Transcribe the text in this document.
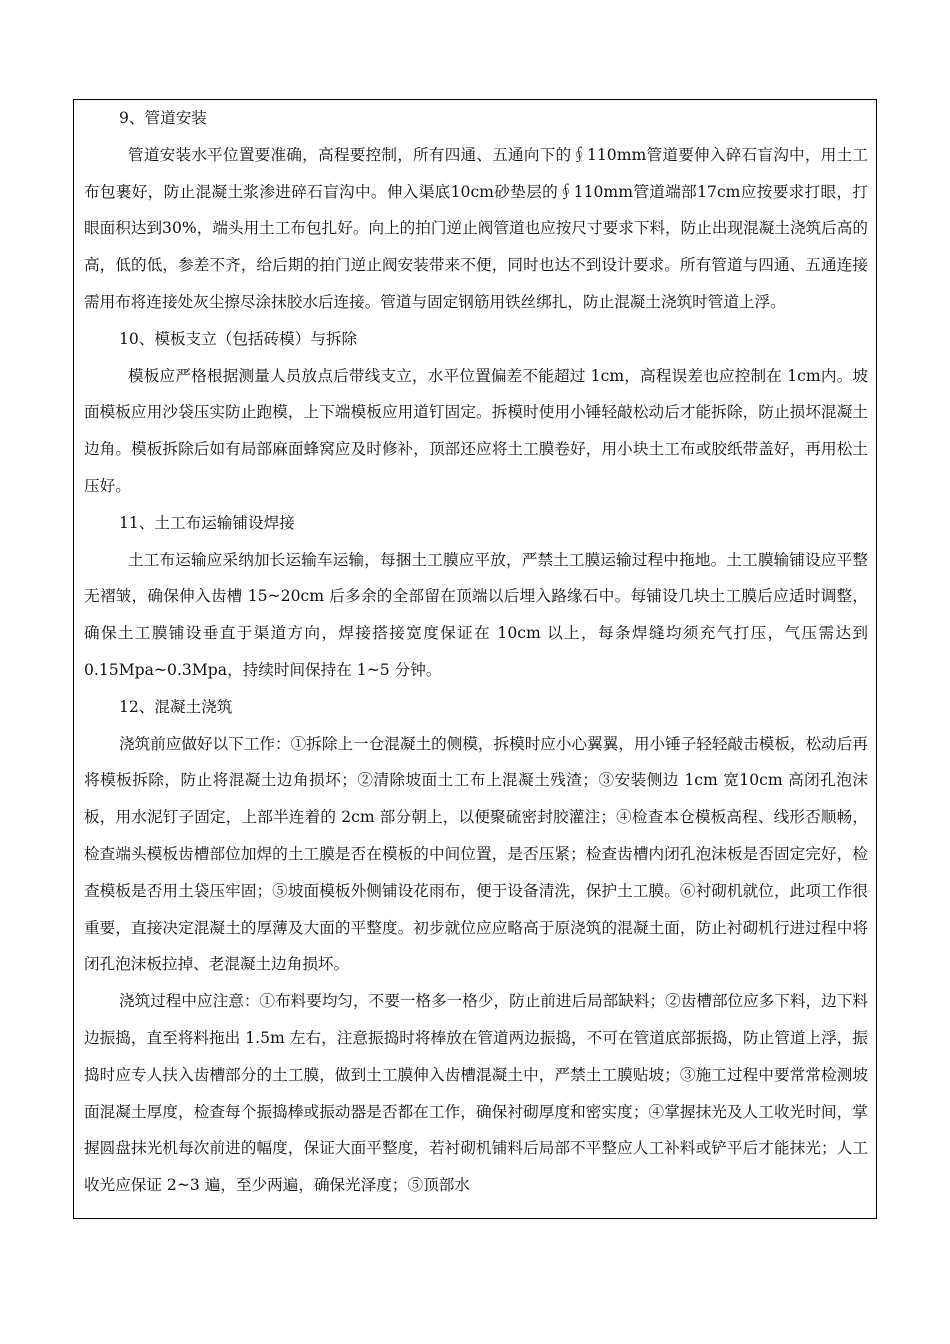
9、管道安装

管道安装水平位置要准确，高程要控制，所有四通、五通向下的∮110mm管道要伸入碎石盲沟中，用土工布包裹好，防止混凝土浆渗进碎石盲沟中。伸入渠底10cm砂垫层的∮110mm管道端部17cm应按要求打眼，打眼面积达到30%，端头用土工布包扎好。向上的拍门逆止阀管道也应按尺寸要求下料，防止出现混凝土浇筑后高的高，低的低，参差不齐，给后期的拍门逆止阀安装带来不便，同时也达不到设计要求。所有管道与四通、五通连接需用布将连接处灰尘擦尽涂抹胶水后连接。管道与固定钢筋用铁丝绑扎，防止混凝土浇筑时管道上浮。

10、模板支立（包括砖模）与拆除

模板应严格根据测量人员放点后带线支立，水平位置偏差不能超过 1cm，高程误差也应控制在 1cm内。坡面模板应用沙袋压实防止跑模，上下端模板应用道钉固定。拆模时使用小锤轻敲松动后才能拆除，防止损坏混凝土边角。模板拆除后如有局部麻面蜂窝应及时修补，顶部还应将土工膜卷好，用小块土工布或胶纸带盖好，再用松土压好。

11、土工布运输铺设焊接

土工布运输应采纳加长运输车运输，每捆土工膜应平放，严禁土工膜运输过程中拖地。土工膜输铺设应平整无褶皱，确保伸入齿槽 15~20cm 后多余的全部留在顶端以后埋入路缘石中。每铺设几块土工膜后应适时调整，确保土工膜铺设垂直于渠道方向，焊接搭接宽度保证在 10cm 以上，每条焊缝均须充气打压，气压需达到 0.15Mpa~0.3Mpa，持续时间保持在 1~5 分钟。

12、混凝土浇筑

浇筑前应做好以下工作：①拆除上一仓混凝土的侧模，拆模时应小心翼翼，用小锤子轻轻敲击模板，松动后再将模板拆除，防止将混凝土边角损坏；②清除坡面土工布上混凝土残渣；③安装侧边 1cm 宽10cm 高闭孔泡沫板，用水泥钉子固定，上部半连着的 2cm 部分朝上，以便聚硫密封胶灌注；④检查本仓模板高程、线形否顺畅，检查端头模板齿槽部位加焊的土工膜是否在模板的中间位置，是否压紧；检查齿槽内闭孔泡沫板是否固定完好，检查模板是否用土袋压牢固；⑤坡面模板外侧铺设花雨布，便于设备清洗，保护土工膜。⑥衬砌机就位，此项工作很重要，直接决定混凝土的厚薄及大面的平整度。初步就位应应略高于原浇筑的混凝土面，防止衬砌机行进过程中将闭孔泡沫板拉掉、老混凝土边角损坏。

浇筑过程中应注意：①布料要均匀，不要一格多一格少，防止前进后局部缺料；②齿槽部位应多下料，边下料边振捣，直至将料拖出 1.5m 左右，注意振捣时将棒放在管道两边振捣，不可在管道底部振捣，防止管道上浮，振捣时应专人扶入齿槽部分的土工膜，做到土工膜伸入齿槽混凝土中，严禁土工膜贴坡；③施工过程中要常常检测坡面混凝土厚度，检查每个振捣棒或振动器是否都在工作，确保衬砌厚度和密实度；④掌握抹光及人工收光时间，掌握圆盘抹光机每次前进的幅度，保证大面平整度，若衬砌机铺料后局部不平整应人工补料或铲平后才能抹光；人工收光应保证 2~3 遍，至少两遍，确保光泽度；⑤顶部水
